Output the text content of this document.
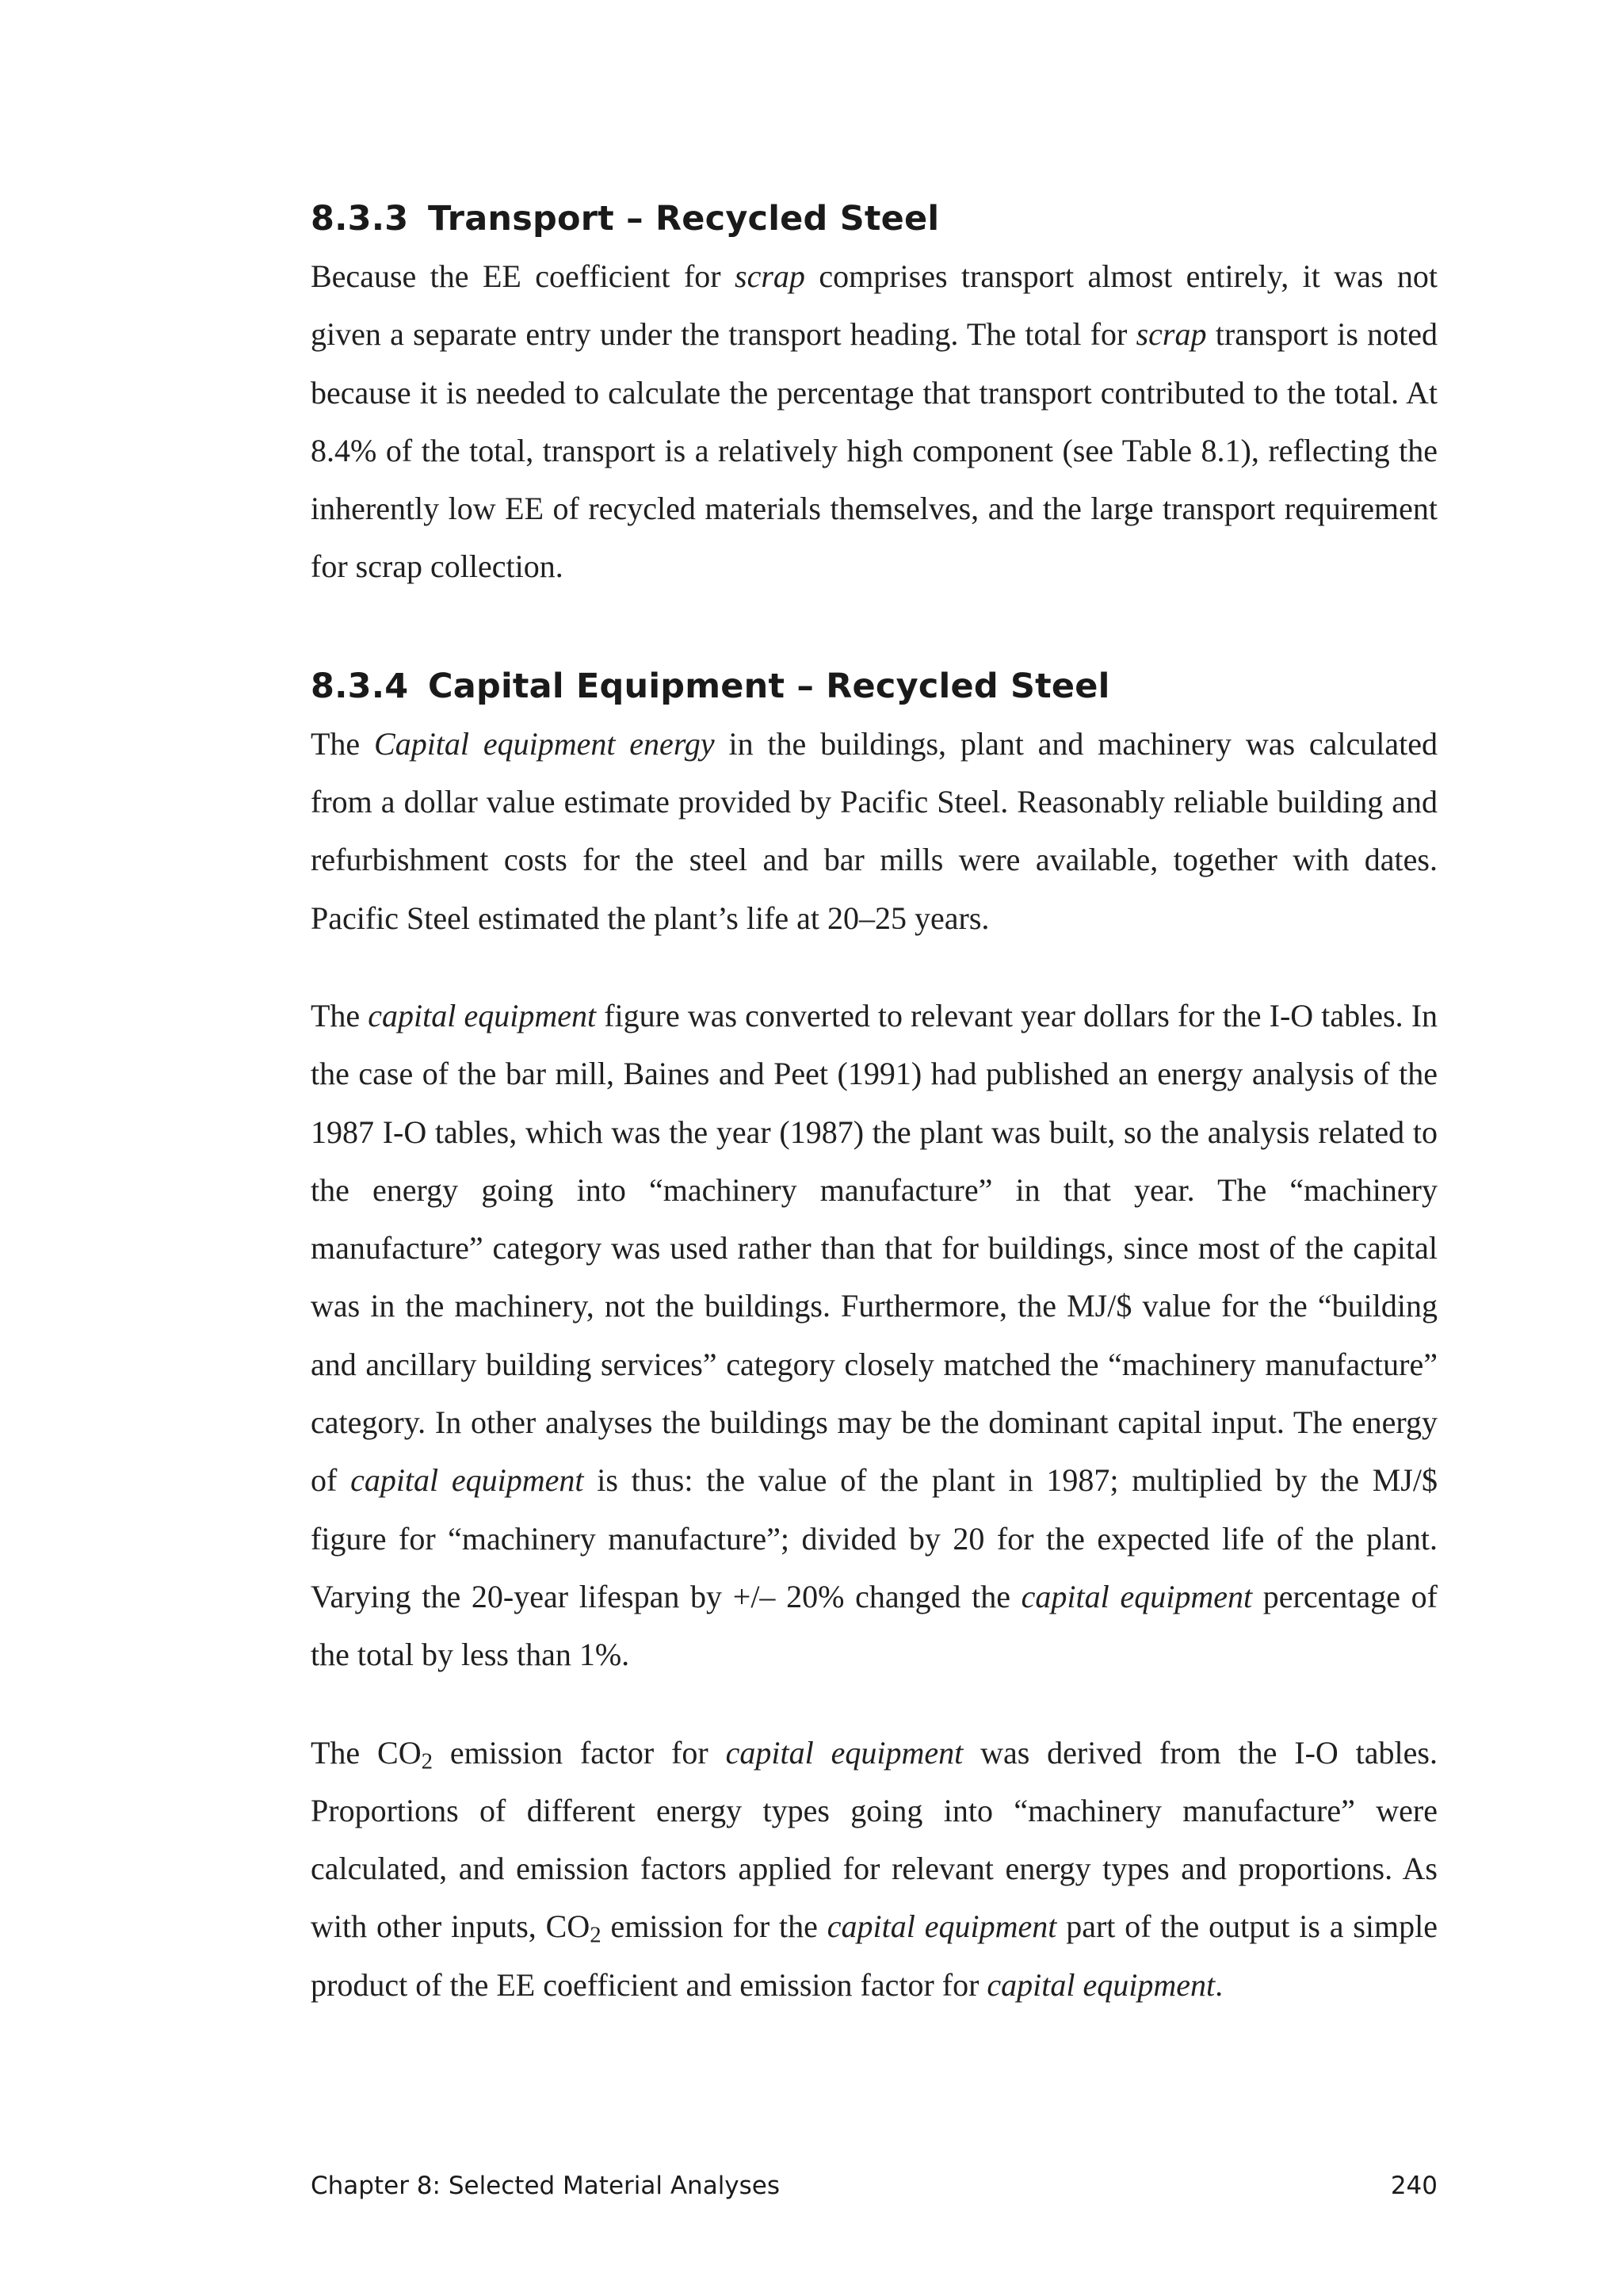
8.3.3 Transport – Recycled Steel

Because the EE coefficient for scrap comprises transport almost entirely, it was not given a separate entry under the transport heading. The total for scrap transport is noted because it is needed to calculate the percentage that transport contributed to the total. At 8.4% of the total, transport is a relatively high component (see Table 8.1), reflecting the inherently low EE of recycled materials themselves, and the large transport requirement for scrap collection.

8.3.4 Capital Equipment – Recycled Steel

The Capital equipment energy in the buildings, plant and machinery was calculated from a dollar value estimate provided by Pacific Steel. Reasonably reliable building and refurbishment costs for the steel and bar mills were available, together with dates. Pacific Steel estimated the plant’s life at 20–25 years.

The capital equipment figure was converted to relevant year dollars for the I-O tables. In the case of the bar mill, Baines and Peet (1991) had published an energy analysis of the 1987 I-O tables, which was the year (1987) the plant was built, so the analysis related to the energy going into “machinery manufacture” in that year. The “machinery manufacture” category was used rather than that for buildings, since most of the capital was in the machinery, not the buildings. Furthermore, the MJ/$ value for the “building and ancillary building services” category closely matched the “machinery manufacture” category. In other analyses the buildings may be the dominant capital input. The energy of capital equipment is thus: the value of the plant in 1987; multiplied by the MJ/$ figure for “machinery manufacture”; divided by 20 for the expected life of the plant. Varying the 20-year lifespan by +/– 20% changed the capital equipment percentage of the total by less than 1%.

The $CO_2$ emission factor for capital equipment was derived from the I-O tables. Proportions of different energy types going into “machinery manufacture” were calculated, and emission factors applied for relevant energy types and proportions. As with other inputs, $CO_2$ emission for the capital equipment part of the output is a simple product of the EE coefficient and emission factor for capital equipment.

Chapter 8: Selected Material Analyses	240
